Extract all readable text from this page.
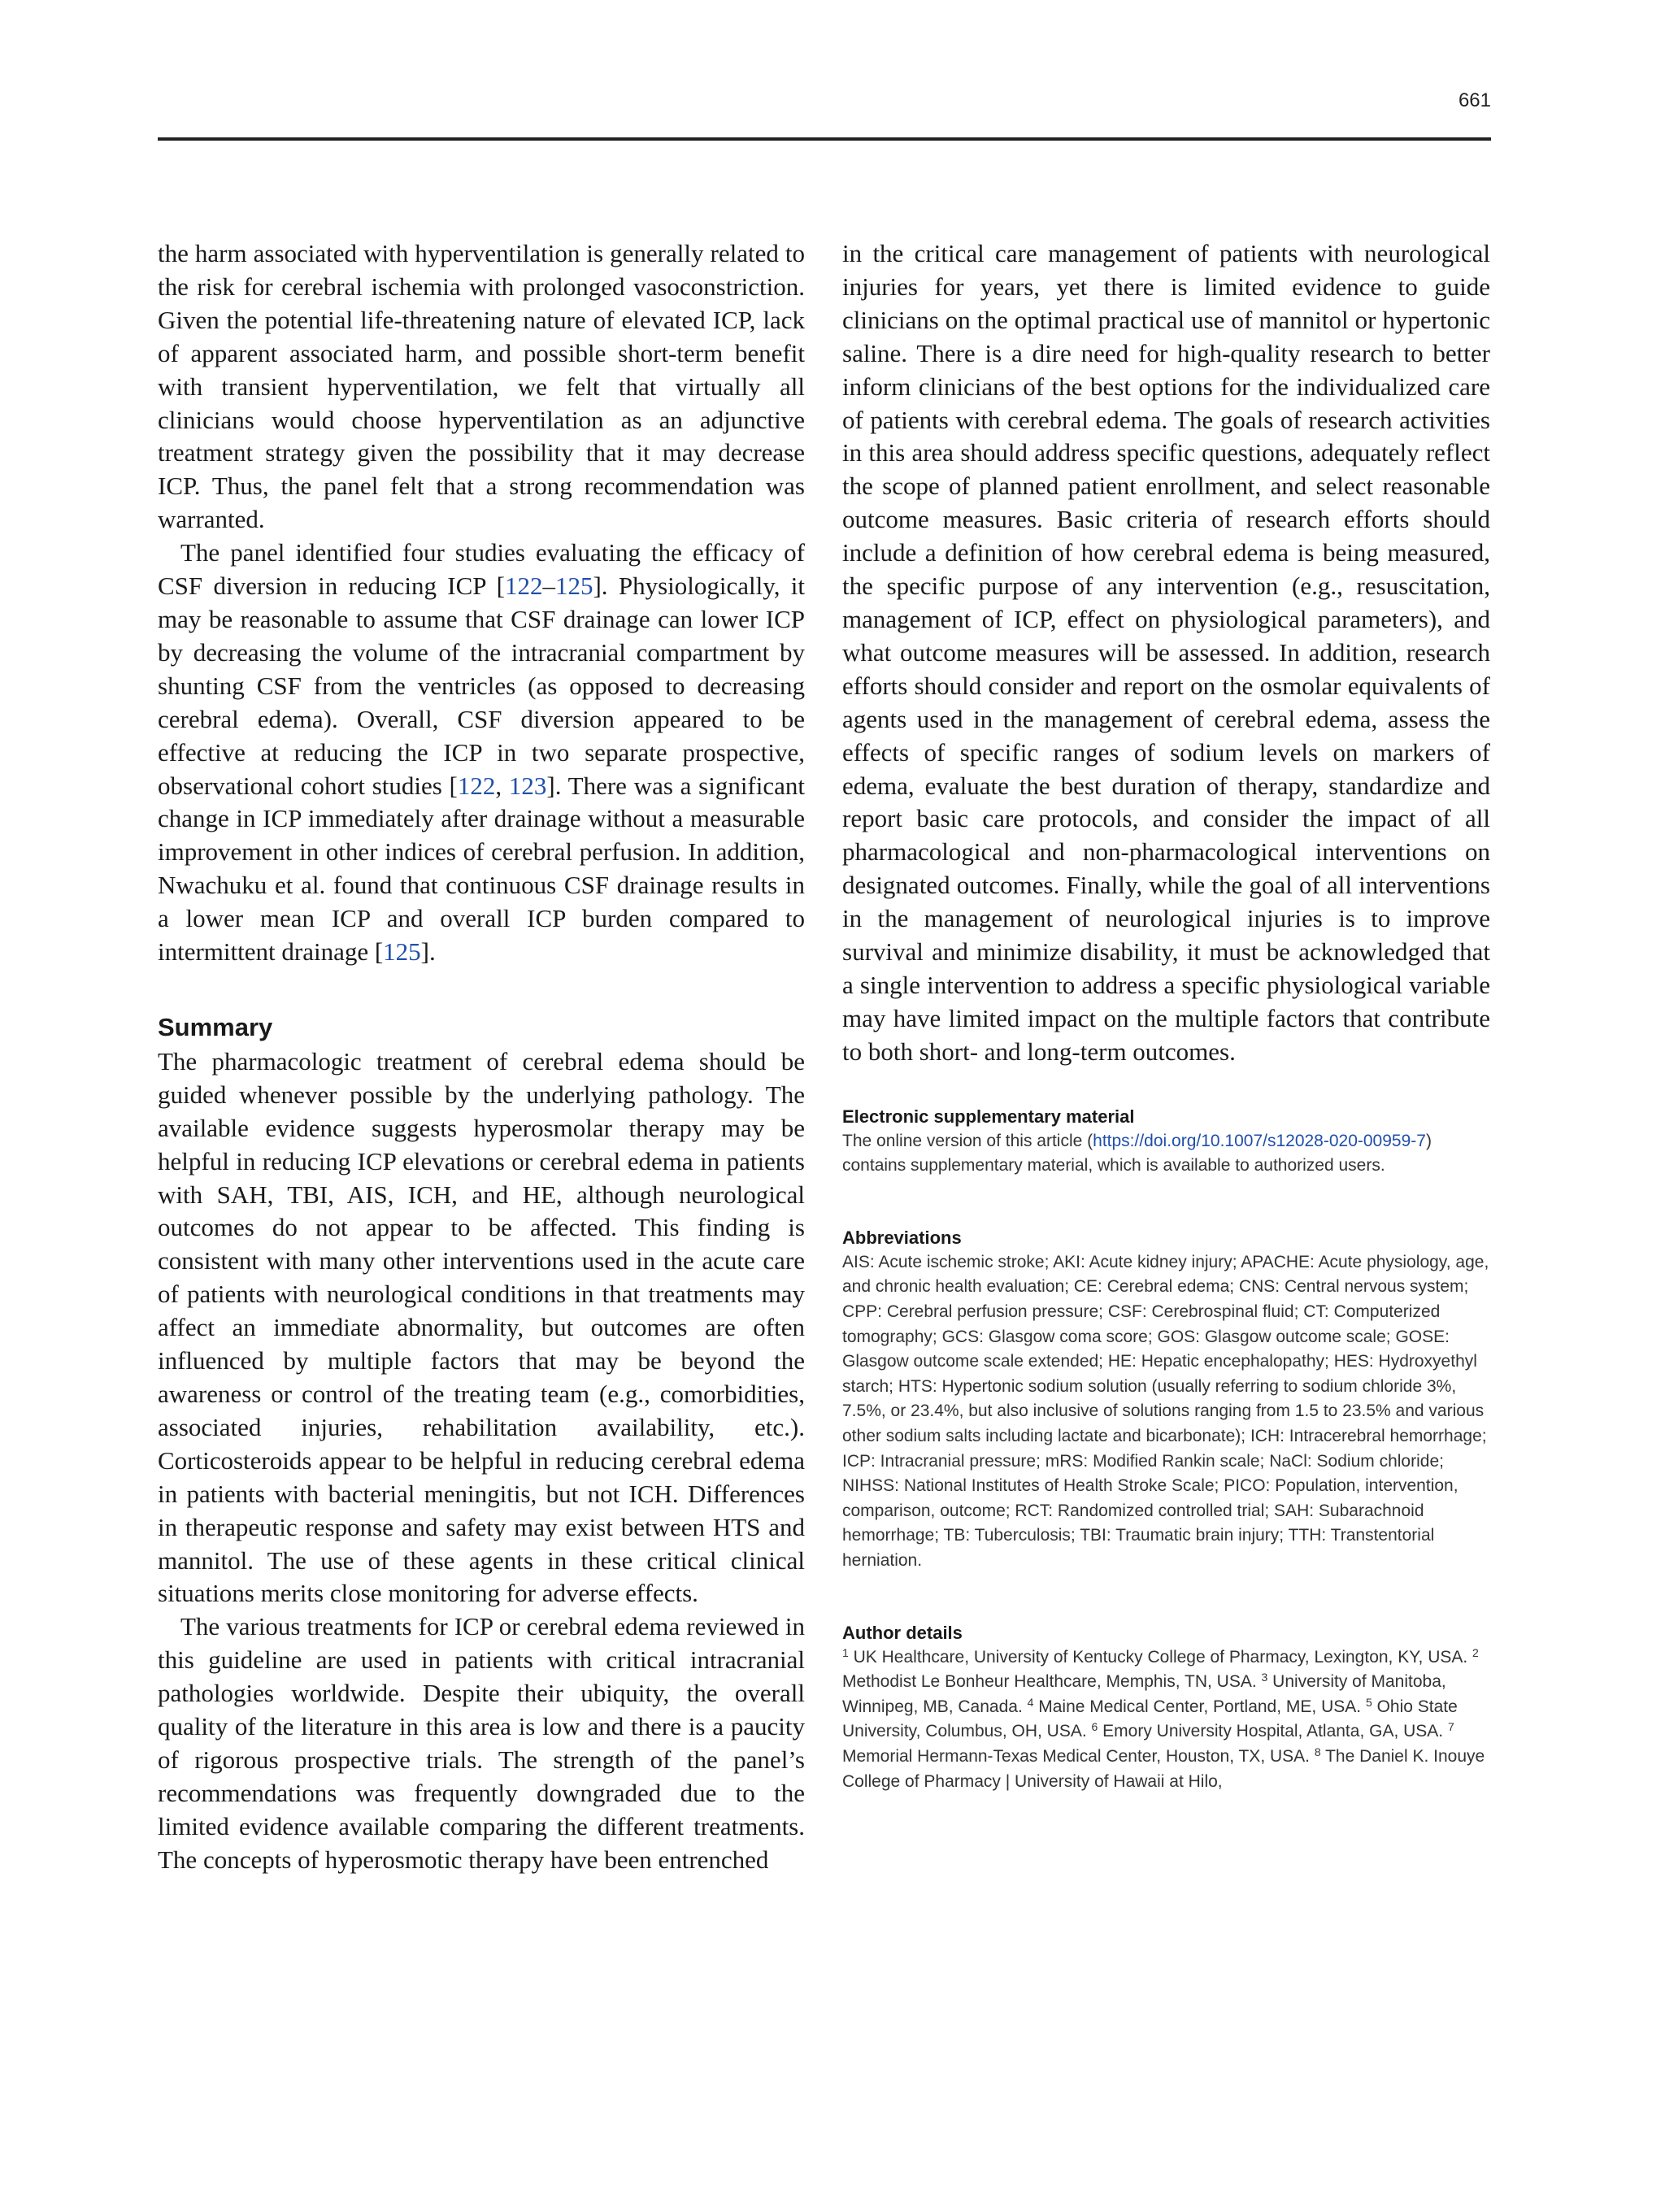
661

the harm associated with hyperventilation is generally related to the risk for cerebral ischemia with prolonged vasoconstriction. Given the potential life-threatening nature of elevated ICP, lack of apparent associated harm, and possible short-term benefit with transient hyperventilation, we felt that virtually all clinicians would choose hyperventilation as an adjunctive treatment strategy given the possibility that it may decrease ICP. Thus, the panel felt that a strong recommendation was warranted.

The panel identified four studies evaluating the efficacy of CSF diversion in reducing ICP [122–125]. Physiologically, it may be reasonable to assume that CSF drainage can lower ICP by decreasing the volume of the intracranial compartment by shunting CSF from the ventricles (as opposed to decreasing cerebral edema). Overall, CSF diversion appeared to be effective at reducing the ICP in two separate prospective, observational cohort studies [122, 123]. There was a significant change in ICP immediately after drainage without a measurable improvement in other indices of cerebral perfusion. In addition, Nwachuku et al. found that continuous CSF drainage results in a lower mean ICP and overall ICP burden compared to intermittent drainage [125].

Summary

The pharmacologic treatment of cerebral edema should be guided whenever possible by the underlying pathology. The available evidence suggests hyperosmolar therapy may be helpful in reducing ICP elevations or cerebral edema in patients with SAH, TBI, AIS, ICH, and HE, although neurological outcomes do not appear to be affected. This finding is consistent with many other interventions used in the acute care of patients with neurological conditions in that treatments may affect an immediate abnormality, but outcomes are often influenced by multiple factors that may be beyond the awareness or control of the treating team (e.g., comorbidities, associated injuries, rehabilitation availability, etc.). Corticosteroids appear to be helpful in reducing cerebral edema in patients with bacterial meningitis, but not ICH. Differences in therapeutic response and safety may exist between HTS and mannitol. The use of these agents in these critical clinical situations merits close monitoring for adverse effects.

The various treatments for ICP or cerebral edema reviewed in this guideline are used in patients with critical intracranial pathologies worldwide. Despite their ubiquity, the overall quality of the literature in this area is low and there is a paucity of rigorous prospective trials. The strength of the panel’s recommendations was frequently downgraded due to the limited evidence available comparing the different treatments. The concepts of hyperosmotic therapy have been entrenched

in the critical care management of patients with neurological injuries for years, yet there is limited evidence to guide clinicians on the optimal practical use of mannitol or hypertonic saline. There is a dire need for high-quality research to better inform clinicians of the best options for the individualized care of patients with cerebral edema. The goals of research activities in this area should address specific questions, adequately reflect the scope of planned patient enrollment, and select reasonable outcome measures. Basic criteria of research efforts should include a definition of how cerebral edema is being measured, the specific purpose of any intervention (e.g., resuscitation, management of ICP, effect on physiological parameters), and what outcome measures will be assessed. In addition, research efforts should consider and report on the osmolar equivalents of agents used in the management of cerebral edema, assess the effects of specific ranges of sodium levels on markers of edema, evaluate the best duration of therapy, standardize and report basic care protocols, and consider the impact of all pharmacological and non-pharmacological interventions on designated outcomes. Finally, while the goal of all interventions in the management of neurological injuries is to improve survival and minimize disability, it must be acknowledged that a single intervention to address a specific physiological variable may have limited impact on the multiple factors that contribute to both short- and long-term outcomes.

Electronic supplementary material

The online version of this article (https://doi.org/10.1007/s12028-020-00959-7) contains supplementary material, which is available to authorized users.

Abbreviations

AIS: Acute ischemic stroke; AKI: Acute kidney injury; APACHE: Acute physiology, age, and chronic health evaluation; CE: Cerebral edema; CNS: Central nervous system; CPP: Cerebral perfusion pressure; CSF: Cerebrospinal fluid; CT: Computerized tomography; GCS: Glasgow coma score; GOS: Glasgow outcome scale; GOSE: Glasgow outcome scale extended; HE: Hepatic encephalopathy; HES: Hydroxyethyl starch; HTS: Hypertonic sodium solution (usually referring to sodium chloride 3%, 7.5%, or 23.4%, but also inclusive of solutions ranging from 1.5 to 23.5% and various other sodium salts including lactate and bicarbonate); ICH: Intracerebral hemorrhage; ICP: Intracranial pressure; mRS: Modified Rankin scale; NaCl: Sodium chloride; NIHSS: National Institutes of Health Stroke Scale; PICO: Population, intervention, comparison, outcome; RCT: Randomized controlled trial; SAH: Subarachnoid hemorrhage; TB: Tuberculosis; TBI: Traumatic brain injury; TTH: Transtentorial herniation.

Author details

$^1$ UK Healthcare, University of Kentucky College of Pharmacy, Lexington, KY, USA. $^2$ Methodist Le Bonheur Healthcare, Memphis, TN, USA. $^3$ University of Manitoba, Winnipeg, MB, Canada. $^4$ Maine Medical Center, Portland, ME, USA. $^5$ Ohio State University, Columbus, OH, USA. $^6$ Emory University Hospital, Atlanta, GA, USA. $^7$ Memorial Hermann-Texas Medical Center, Houston, TX, USA. $^8$ The Daniel K. Inouye College of Pharmacy | University of Hawaii at Hilo,
